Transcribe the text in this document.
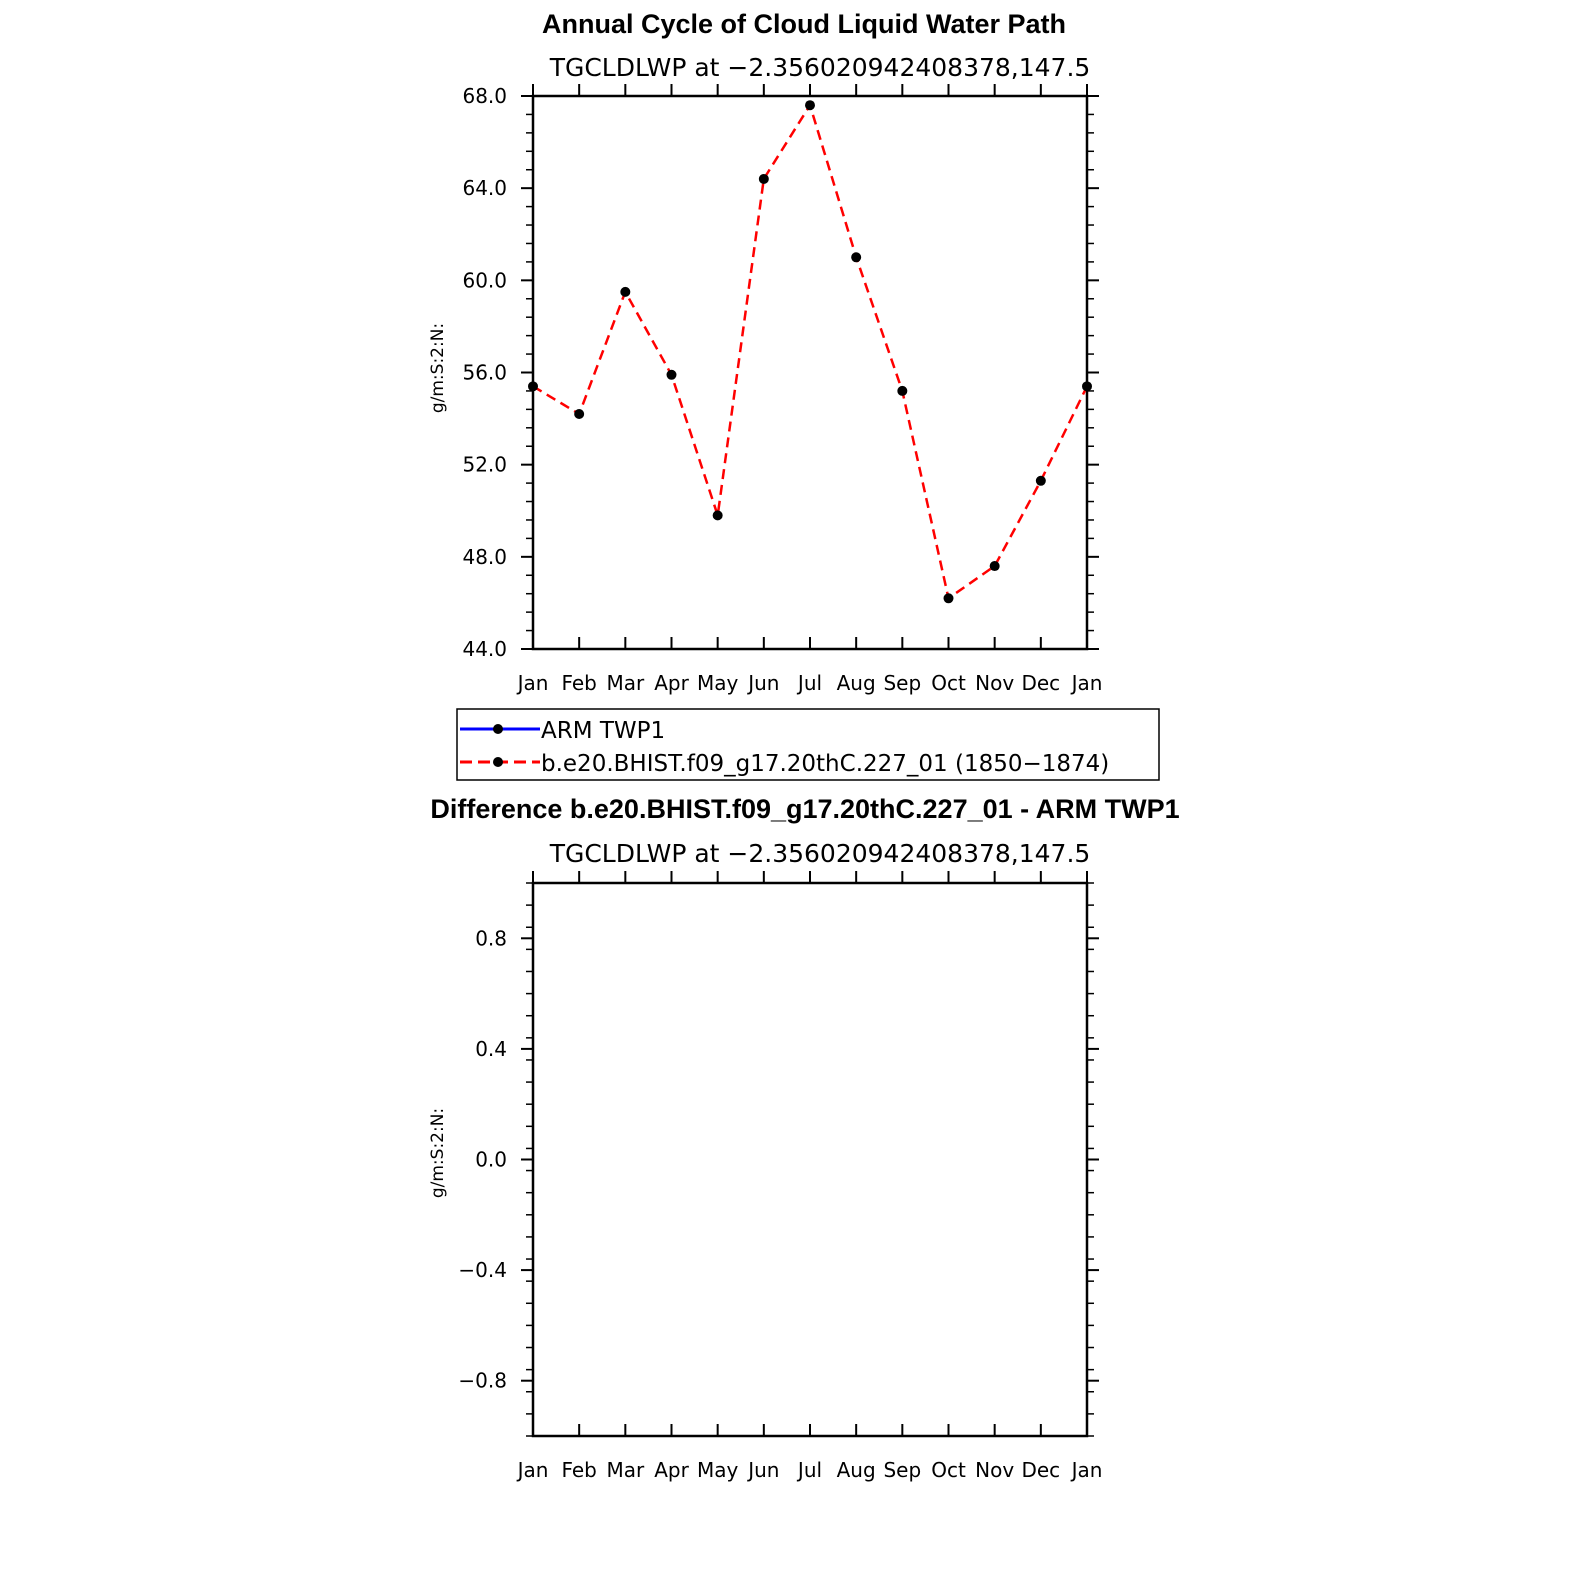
Annual Cycle of Cloud Liquid Water Path
TGCLDLWP at −2.356020942408378,147.5
g/m:S:2:N:
Jan Feb Mar Apr May Jun Jul Aug Sep Oct Nov Dec Jan
44.0
48.0
52.0
56.0
60.0
64.0
68.0
ARM TWP1
b.e20.BHIST.f09_g17.20thC.227_01 (1850−1874)
Difference b.e20.BHIST.f09_g17.20thC.227_01 - ARM TWP1
TGCLDLWP at −2.356020942408378,147.5
g/m:S:2:N:
Jan Feb Mar Apr May Jun Jul Aug Sep Oct Nov Dec Jan
−0.8
−0.4
0.0
0.4
0.8
